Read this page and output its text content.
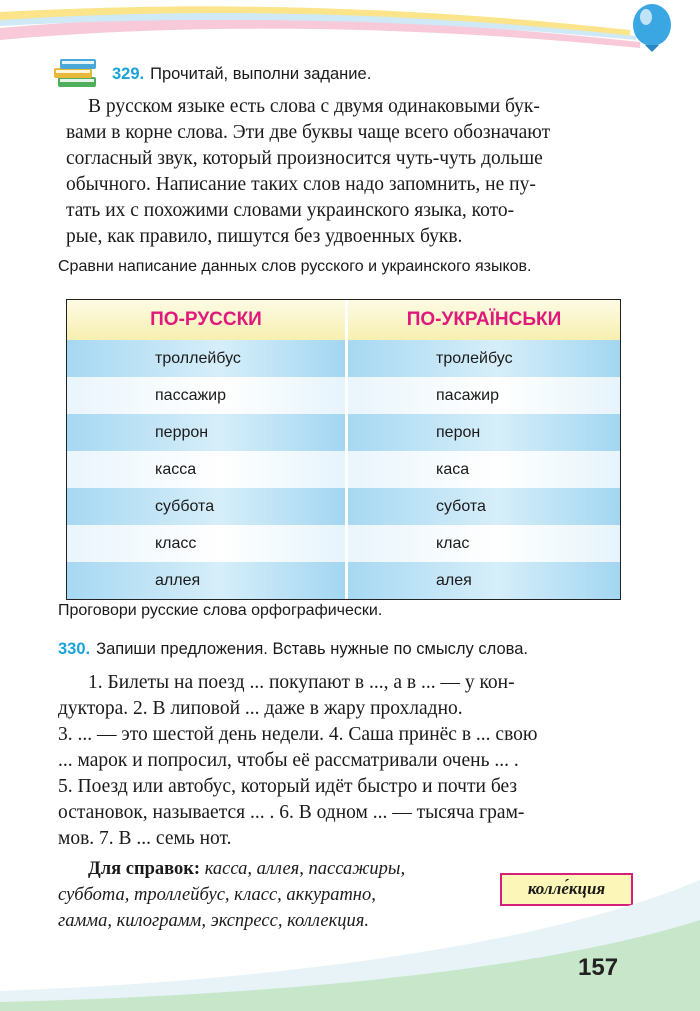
329. Прочитай, выполни задание.
В русском языке есть слова с двумя одинаковыми бук-
вами в корне слова. Эти две буквы чаще всего обозначают
согласный звук, который произносится чуть-чуть дольше
обычного. Написание таких слов надо запомнить, не пу-
тать их с похожими словами украинского языка, кото-
рые, как правило, пишутся без удвоенных букв.
Сравни написание данных слов русского и украинского языков.
ПО-РУССКИ	ПО-УКРАЇНСЬКИ
троллейбус	тролейбус
пассажир	пасажир
перрон	перон
касса	каса
суббота	субота
класс	клас
аллея	алея
Проговори русские слова орфографически.
330. Запиши предложения. Вставь нужные по смыслу слова.
1. Билеты на поезд ... покупают в ..., а в ... — у кон-
дуктора. 2. В липовой ... даже в жару прохладно.
3. ... — это шестой день недели. 4. Саша принёс в ... свою
... марок и попросил, чтобы её рассматривали очень ... .
5. Поезд или автобус, который идёт быстро и почти без
остановок, называется ... . 6. В одном ... — тысяча грам-
мов. 7. В ... семь нот.
Для справок: касса, аллея, пассажиры,
суббота, троллейбус, класс, аккуратно,
гамма, килограмм, экспресс, коллекция.
колле́кция
157
